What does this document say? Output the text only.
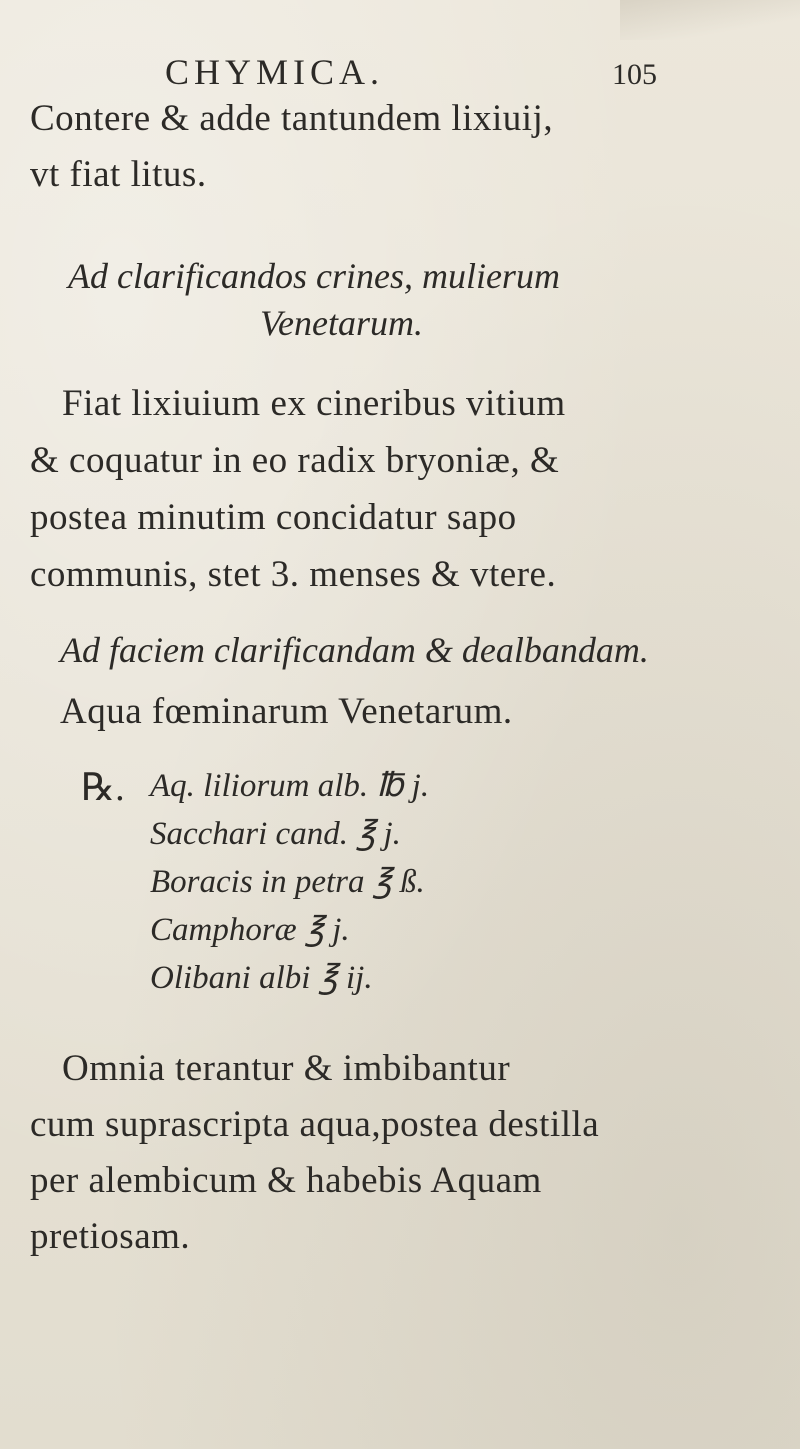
CHYMICA.	105
Contere & adde tantundem lixiuij,
vt fiat litus.
Ad clarificandos crines, mulierum
Venetarum.
Fiat lixiuium ex cineribus vitium
& coquatur in eo radix bryoniæ, &
postea minutim concidatur sapo
communis, stet 3. menses & vtere.
Ad faciem clarificandam & dealbandam.
Aqua fœminarum Venetarum.
℞. Aq. liliorum alb. ℔ j.
Sacchari cand. ℥ j.
Boracis in petra ℥ ß.
Camphoræ ℥ j.
Olibani albi ℥ ij.
Omnia terantur & imbibantur
cum suprascripta aqua,postea destilla
per alembicum & habebis Aquam
pretiosam.
